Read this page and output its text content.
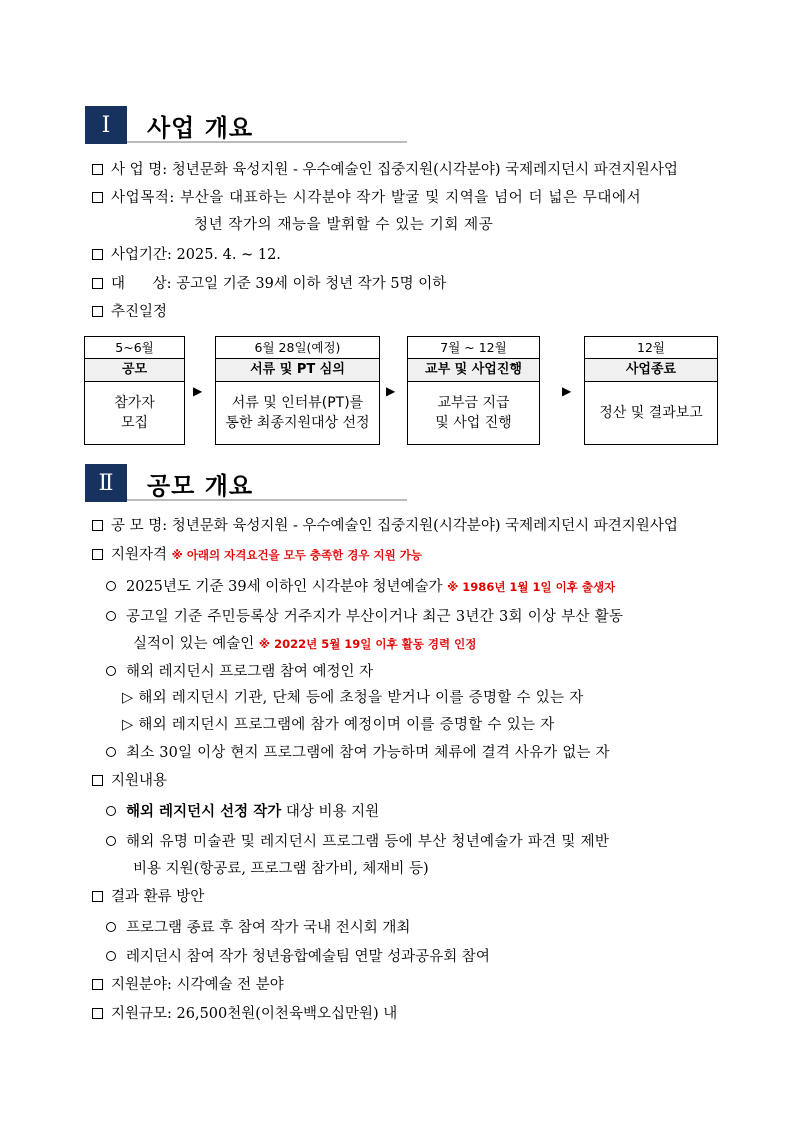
Ⅰ	사업 개요
사 업 명: 청년문화 육성지원 - 우수예술인 집중지원(시각분야) 국제레지던시 파견지원사업
사업목적: 부산을 대표하는 시각분야 작가 발굴 및 지역을 넘어 더 넓은 무대에서
청년 작가의 재능을 발휘할 수 있는 기회 제공
사업기간: 2025. 4. ~ 12.
대      상: 공고일 기준 39세 이하 청년 작가 5명 이하
추진일정
5~6월
공모
참가자
모집
▶
6월 28일(예정)
서류 및 PT 심의
서류 및 인터뷰(PT)를
통한 최종지원대상 선정
▶
7월 ~ 12월
교부 및 사업진행
교부금 지급
및 사업 진행
▶
12월
사업종료
정산 및 결과보고
Ⅱ	공모 개요
공 모 명: 청년문화 육성지원 - 우수예술인 집중지원(시각분야) 국제레지던시 파견지원사업
지원자격 ※ 아래의 자격요건을 모두 충족한 경우 지원 가능
2025년도 기준 39세 이하인 시각분야 청년예술가 ※ 1986년 1월 1일 이후 출생자
공고일 기준 주민등록상 거주지가 부산이거나 최근 3년간 3회 이상 부산 활동
실적이 있는 예술인 ※ 2022년 5월 19일 이후 활동 경력 인정
해외 레지던시 프로그램 참여 예정인 자
▷ 해외 레지던시 기관, 단체 등에 초청을 받거나 이를 증명할 수 있는 자
▷ 해외 레지던시 프로그램에 참가 예정이며 이를 증명할 수 있는 자
최소 30일 이상 현지 프로그램에 참여 가능하며 체류에 결격 사유가 없는 자
지원내용
해외 레지던시 선정 작가 대상 비용 지원
해외 유명 미술관 및 레지던시 프로그램 등에 부산 청년예술가 파견 및 제반
비용 지원(항공료, 프로그램 참가비, 체재비 등)
결과 환류 방안
프로그램 종료 후 참여 작가 국내 전시회 개최
레지던시 참여 작가 청년융합예술팀 연말 성과공유회 참여
지원분야: 시각예술 전 분야
지원규모: 26,500천원(이천육백오십만원) 내
